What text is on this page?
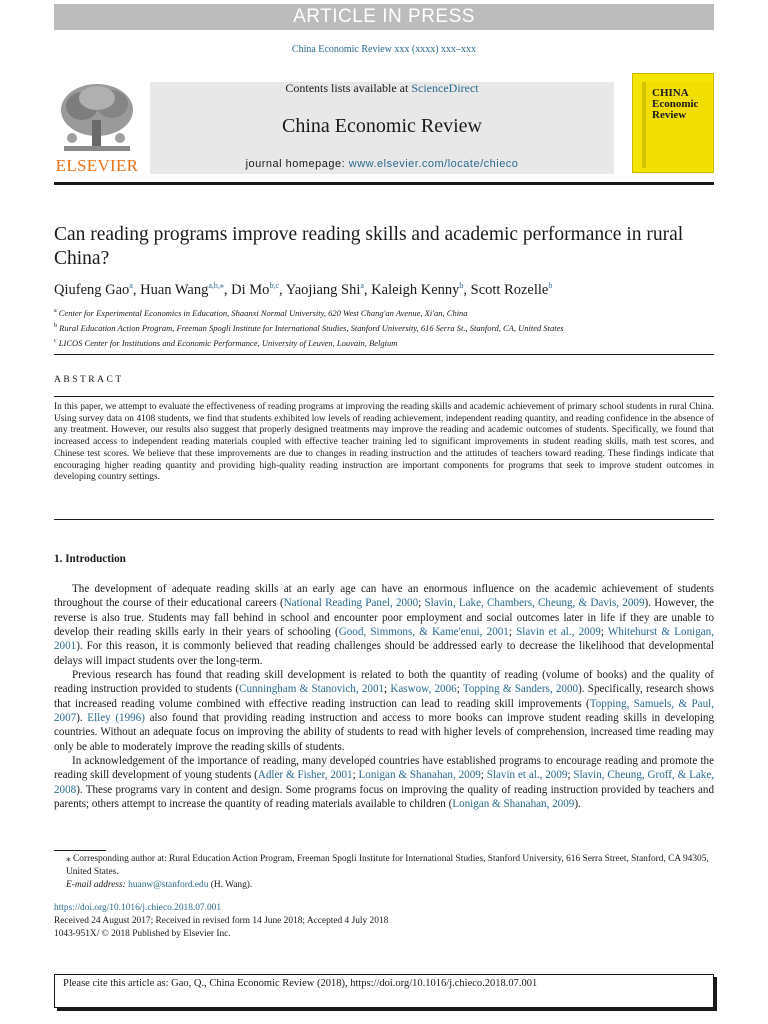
ARTICLE IN PRESS
China Economic Review xxx (xxxx) xxx–xxx
ELSEVIER
Contents lists available at ScienceDirect
China Economic Review
journal homepage: www.elsevier.com/locate/chieco
CHINA Economic Review
Can reading programs improve reading skills and academic performance in rural China?
Qiufeng Gao$^a$, Huan Wang$^{a,b,⁎}$, Di Mo$^{b,c}$, Yaojiang Shi$^a$, Kaleigh Kenny$^b$, Scott Rozelle$^b$
$^a$ Center for Experimental Economics in Education, Shaanxi Normal University, 620 West Chang'an Avenue, Xi'an, China
$^b$ Rural Education Action Program, Freeman Spogli Institute for International Studies, Stanford University, 616 Serra St., Stanford, CA, United States
$^c$ LICOS Center for Institutions and Economic Performance, University of Leuven, Louvain, Belgium
ABSTRACT
In this paper, we attempt to evaluate the effectiveness of reading programs at improving the reading skills and academic achievement of primary school students in rural China. Using survey data on 4108 students, we find that students exhibited low levels of reading achievement, independent reading quantity, and reading confidence in the absence of any treatment. However, our results also suggest that properly designed treatments may improve the reading and academic outcomes of students. Specifically, we found that increased access to independent reading materials coupled with effective teacher training led to significant improvements in student reading skills, math test scores, and Chinese test scores. We believe that these improvements are due to changes in reading instruction and the attitudes of teachers toward reading. These findings indicate that encouraging higher reading quantity and providing high-quality reading instruction are important components for programs that seek to improve student outcomes in developing country settings.
1. Introduction

The development of adequate reading skills at an early age can have an enormous influence on the academic achievement of students throughout the course of their educational careers (National Reading Panel, 2000; Slavin, Lake, Chambers, Cheung, & Davis, 2009). However, the reverse is also true. Students may fall behind in school and encounter poor employment and social outcomes later in life if they are unable to develop their reading skills early in their years of schooling (Good, Simmons, & Kame'enui, 2001; Slavin et al., 2009; Whitehurst & Lonigan, 2001). For this reason, it is commonly believed that reading challenges should be addressed early to decrease the likelihood that developmental delays will impact students over the long-term.

Previous research has found that reading skill development is related to both the quantity of reading (volume of books) and the quality of reading instruction provided to students (Cunningham & Stanovich, 2001; Kaswow, 2006; Topping & Sanders, 2000). Specifically, research shows that increased reading volume combined with effective reading instruction can lead to reading skill improvements (Topping, Samuels, & Paul, 2007). Elley (1996) also found that providing reading instruction and access to more books can improve student reading skills in developing countries. Without an adequate focus on improving the ability of students to read with higher levels of comprehension, increased time reading may only be able to moderately improve the reading skills of students.

In acknowledgement of the importance of reading, many developed countries have established programs to encourage reading and promote the reading skill development of young students (Adler & Fisher, 2001; Lonigan & Shanahan, 2009; Slavin et al., 2009; Slavin, Cheung, Groff, & Lake, 2008). These programs vary in content and design. Some programs focus on improving the quality of reading instruction provided by teachers and parents; others attempt to increase the quantity of reading materials available to children (Lonigan & Shanahan, 2009).

⁎ Corresponding author at: Rural Education Action Program, Freeman Spogli Institute for International Studies, Stanford University, 616 Serra Street, Stanford, CA 94305, United States.
E-mail address: huanw@stanford.edu (H. Wang).
https://doi.org/10.1016/j.chieco.2018.07.001
Received 24 August 2017; Received in revised form 14 June 2018; Accepted 4 July 2018
1043-951X/ © 2018 Published by Elsevier Inc.
Please cite this article as: Gao, Q., China Economic Review (2018), https://doi.org/10.1016/j.chieco.2018.07.001
